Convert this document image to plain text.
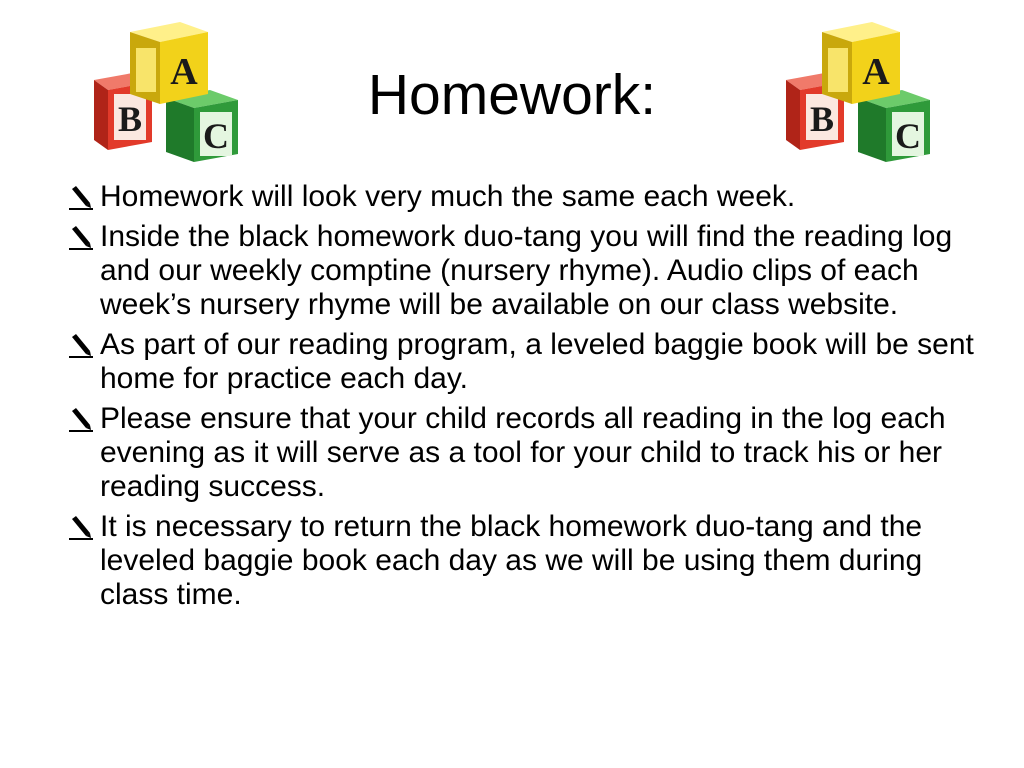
B C
A	Homework:	B C
A
Homework will look very much the same each week.
Inside the black homework duo-tang you will find the reading log and our weekly comptine (nursery rhyme). Audio clips of each week’s nursery rhyme will be available on our class website.
As part of our reading program, a leveled baggie book will be sent home for practice each day.
Please ensure that your child records all reading in the log each evening as it will serve as a tool for your child to track his or her reading success.
It is necessary to return the black homework duo-tang and the leveled baggie book each day as we will be using them during class time.
